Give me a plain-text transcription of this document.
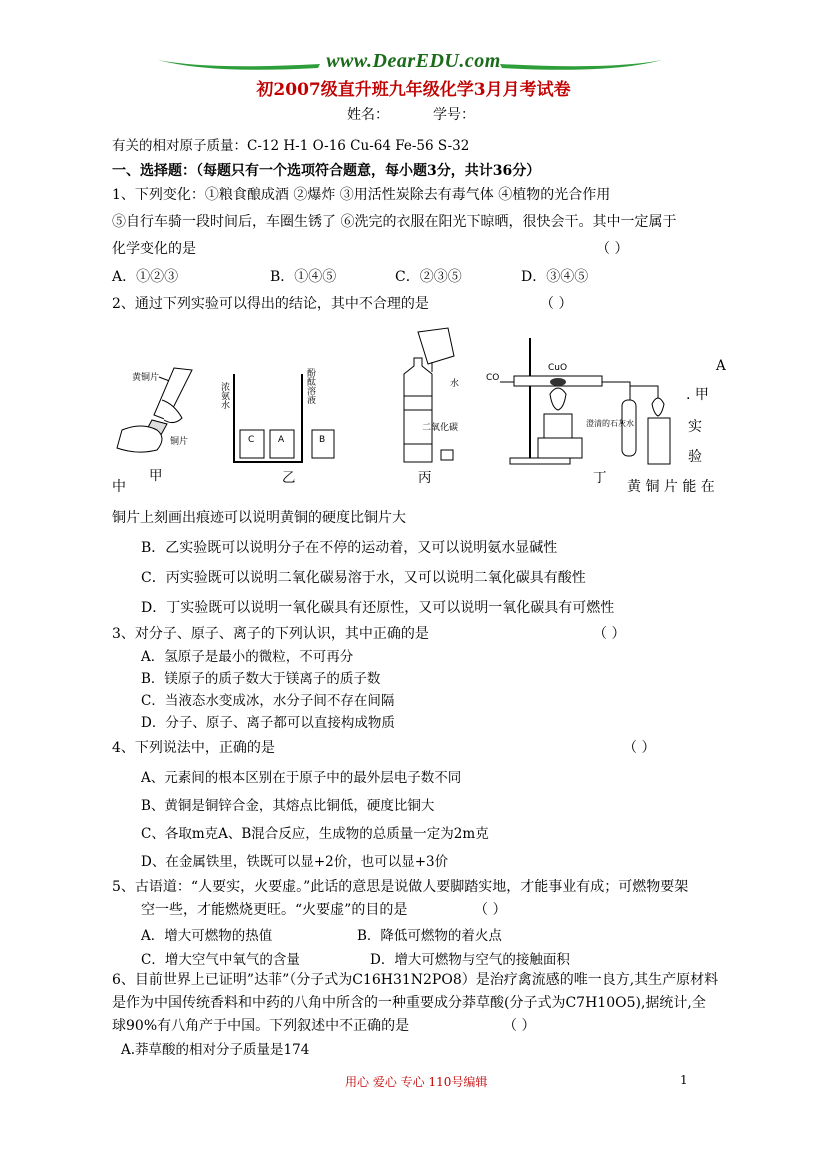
www.DearEDU.com
初2007级直升班九年级化学3月月考试卷
姓名：	学号：
有关的相对原子质量：C-12 H-1 O-16 Cu-64 Fe-56 S-32
一、选择题：（每题只有一个选项符合题意，每小题3分，共计36分）
1、下列变化：①粮食酿成酒 ②爆炸 ③用活性炭除去有毒气体 ④植物的光合作用
⑤自行车骑一段时间后，车圈生锈了 ⑥洗完的衣服在阳光下晾晒，很快会干。其中一定属于
化学变化的是	（ ）
A．①②③	B．①④⑤	C．②③⑤	D．③④⑤
2、通过下列实验可以得出的结论，其中不合理的是	（ ）
黄铜片
铜片
浓氨水	酚酞溶液
C	A	B
水
二氧化碳
CO
CuO
澄清的石灰水
甲	乙	丙	丁
A
. 甲
实
验
中	黄 铜 片 能 在
铜片上刻画出痕迹可以说明黄铜的硬度比铜片大
B．乙实验既可以说明分子在不停的运动着，又可以说明氨水显碱性
C．丙实验既可以说明二氧化碳易溶于水，又可以说明二氧化碳具有酸性
D．丁实验既可以说明一氧化碳具有还原性，又可以说明一氧化碳具有可燃性
3、对分子、原子、离子的下列认识，其中正确的是	（ ）
A．氢原子是最小的微粒，不可再分
B．镁原子的质子数大于镁离子的质子数
C．当液态水变成冰，水分子间不存在间隔
D．分子、原子、离子都可以直接构成物质
4、下列说法中，正确的是	（ ）
A、元素间的根本区别在于原子中的最外层电子数不同
B、黄铜是铜锌合金，其熔点比铜低，硬度比铜大
C、各取m克A、B混合反应，生成物的总质量一定为2m克
D、在金属铁里，铁既可以显+2价，也可以显+3价
5、古语道：“人要实，火要虚。”此话的意思是说做人要脚踏实地，才能事业有成；可燃物要架
空一些，才能燃烧更旺。“火要虚”的目的是	（ ）
A．增大可燃物的热值	B．降低可燃物的着火点
C．增大空气中氧气的含量	D．增大可燃物与空气的接触面积
6、目前世界上已证明”达菲”（分子式为C16H31N2PO8）是治疗禽流感的唯一良方,其生产原材料
是作为中国传统香料和中药的八角中所含的一种重要成分莽草酸(分子式为C7H10O5),据统计,全
球90%有八角产于中国。下列叙述中不正确的是	（ ）
A.莽草酸的相对分子质量是174
用心 爱心 专心 110号编辑	1
